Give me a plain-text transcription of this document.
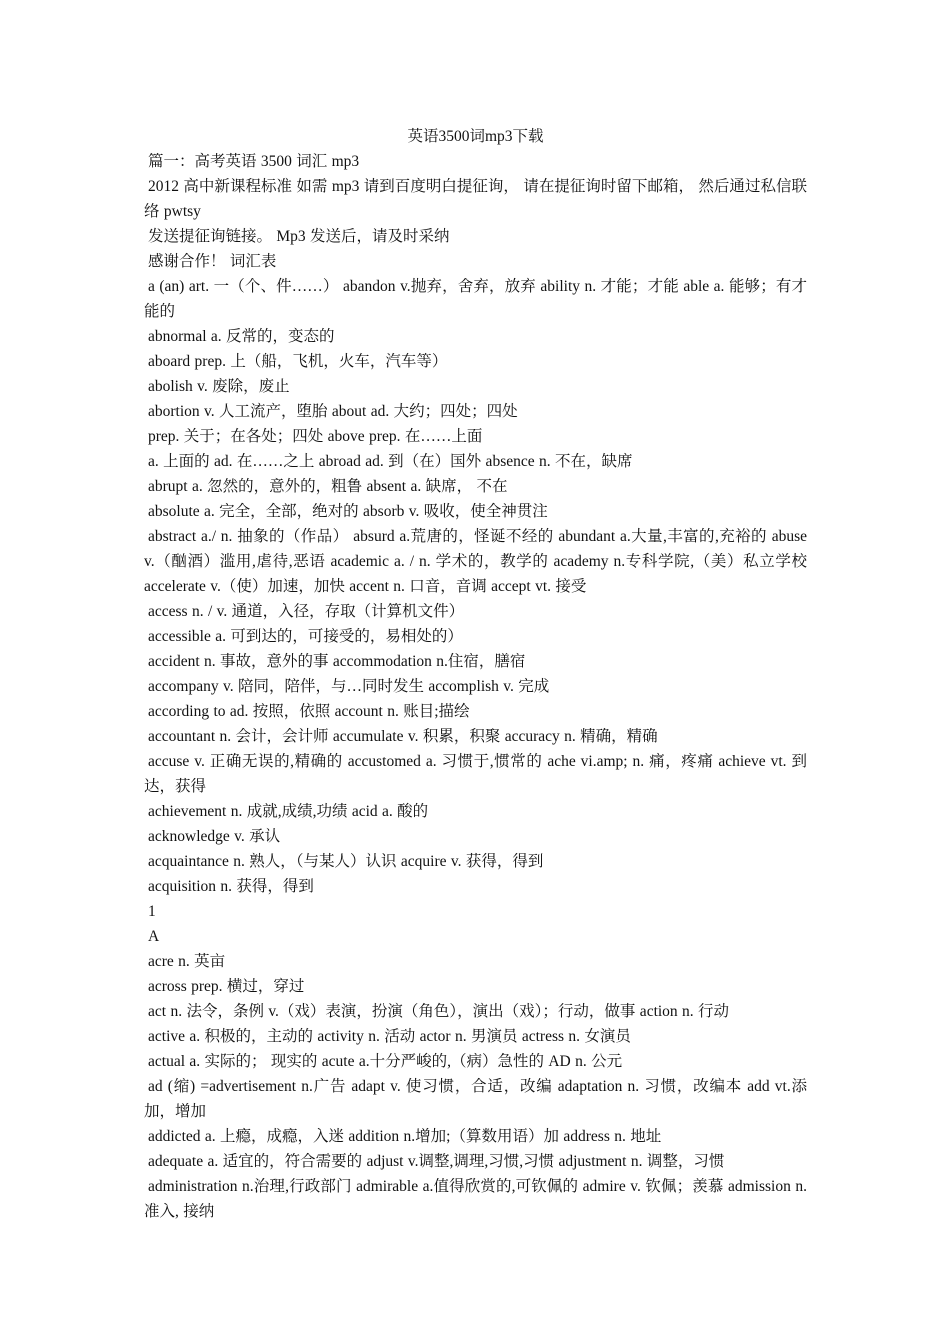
英语3500词mp3下载

篇一：高考英语 3500 词汇 mp3

2012 高中新课程标准 如需 mp3 请到百度明白提征询， 请在提征询时留下邮箱， 然后通过私信联络 pwtsy

发送提征询链接。 Mp3 发送后，请及时采纳

感谢合作！ 词汇表

a (an) art. 一（个、件……） abandon v.抛弃，舍弃，放弃 ability n. 才能；才能 able a. 能够；有才能的

abnormal a. 反常的，变态的

aboard prep. 上（船，飞机，火车，汽车等）

abolish v. 废除，废止

abortion v. 人工流产，堕胎 about ad. 大约；四处；四处

prep. 关于；在各处；四处 above prep. 在……上面

a. 上面的 ad. 在……之上 abroad ad. 到（在）国外 absence n. 不在，缺席

abrupt a. 忽然的，意外的，粗鲁 absent a. 缺席， 不在

absolute a. 完全，全部，绝对的 absorb v. 吸收，使全神贯注

abstract a./ n. 抽象的（作品） absurd a.荒唐的，怪诞不经的 abundant a.大量,丰富的,充裕的 abuse v.（酗酒）滥用,虐待,恶语 academic a. / n. 学术的，教学的 academy n.专科学院,（美）私立学校 accelerate v.（使）加速，加快 accent n. 口音，音调 accept vt. 接受

access n. / v. 通道，入径，存取（计算机文件）

accessible a. 可到达的，可接受的，易相处的）

accident n. 事故，意外的事 accommodation n.住宿，膳宿

accompany v. 陪同，陪伴，与…同时发生 accomplish v. 完成

according to ad. 按照，依照 account n. 账目;描绘

accountant n. 会计，会计师 accumulate v. 积累，积聚 accuracy n. 精确，精确

accuse v. 正确无误的,精确的 accustomed a. 习惯于,惯常的 ache vi.amp; n. 痛，疼痛 achieve vt. 到达，获得

achievement n. 成就,成绩,功绩 acid a. 酸的

acknowledge v. 承认

acquaintance n. 熟人，（与某人）认识 acquire v. 获得，得到

acquisition n. 获得，得到

1

A

acre n. 英亩

across prep. 横过，穿过

act n. 法令，条例 v.（戏）表演，扮演（角色），演出（戏）；行动，做事 action n. 行动

active a. 积极的，主动的 activity n. 活动 actor n. 男演员 actress n. 女演员

actual a. 实际的； 现实的 acute a.十分严峻的,（病）急性的 AD n. 公元

ad (缩) =advertisement n.广告 adapt v. 使习惯，合适，改编 adaptation n. 习惯，改编本 add vt.添加，增加

addicted a. 上瘾，成瘾，入迷 addition n.增加;（算数用语）加 address n. 地址

adequate a. 适宜的，符合需要的 adjust v.调整,调理,习惯,习惯 adjustment n. 调整，习惯

administration n.治理,行政部门 admirable a.值得欣赏的,可钦佩的 admire v. 钦佩；羡慕 admission n. 准入, 接纳
